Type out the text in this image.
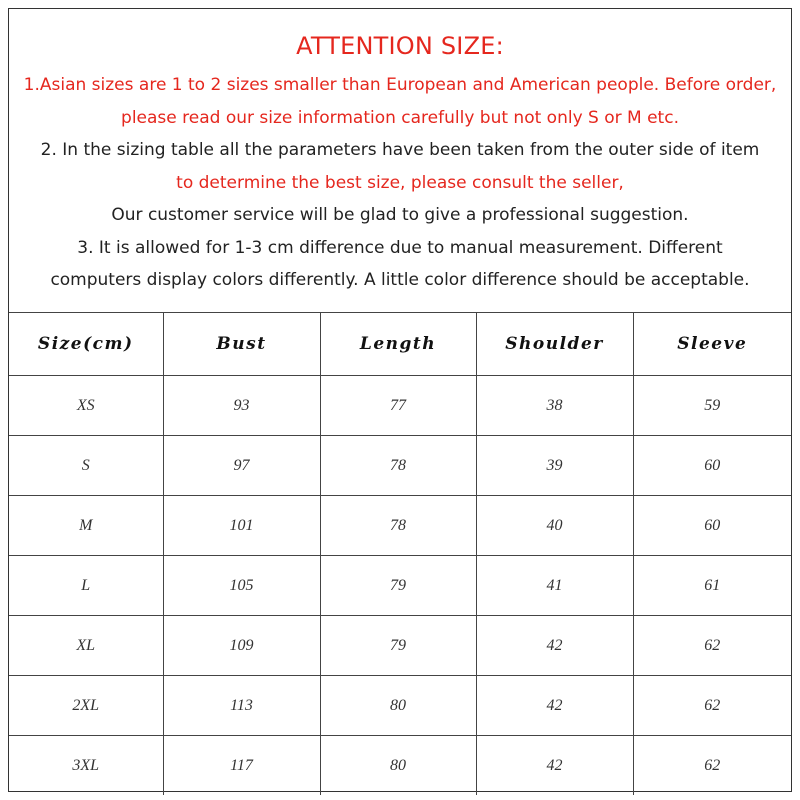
ATTENTION SIZE:
1.Asian sizes are 1 to 2 sizes smaller than European and American people. Before order,
please read our size information carefully but not only S or M etc.
2. In the sizing table all the parameters have been taken from the outer side of item
to determine the best size, please consult the seller,
Our customer service will be glad to give a professional suggestion.
3. It is allowed for 1-3 cm difference due to manual measurement. Different
computers display colors differently. A little color difference should be acceptable.
Size(cm)	Bust	Length	Shoulder	Sleeve
XS	93	77	38	59
S	97	78	39	60
M	101	78	40	60
L	105	79	41	61
XL	109	79	42	62
2XL	113	80	42	62
3XL	117	80	42	62
